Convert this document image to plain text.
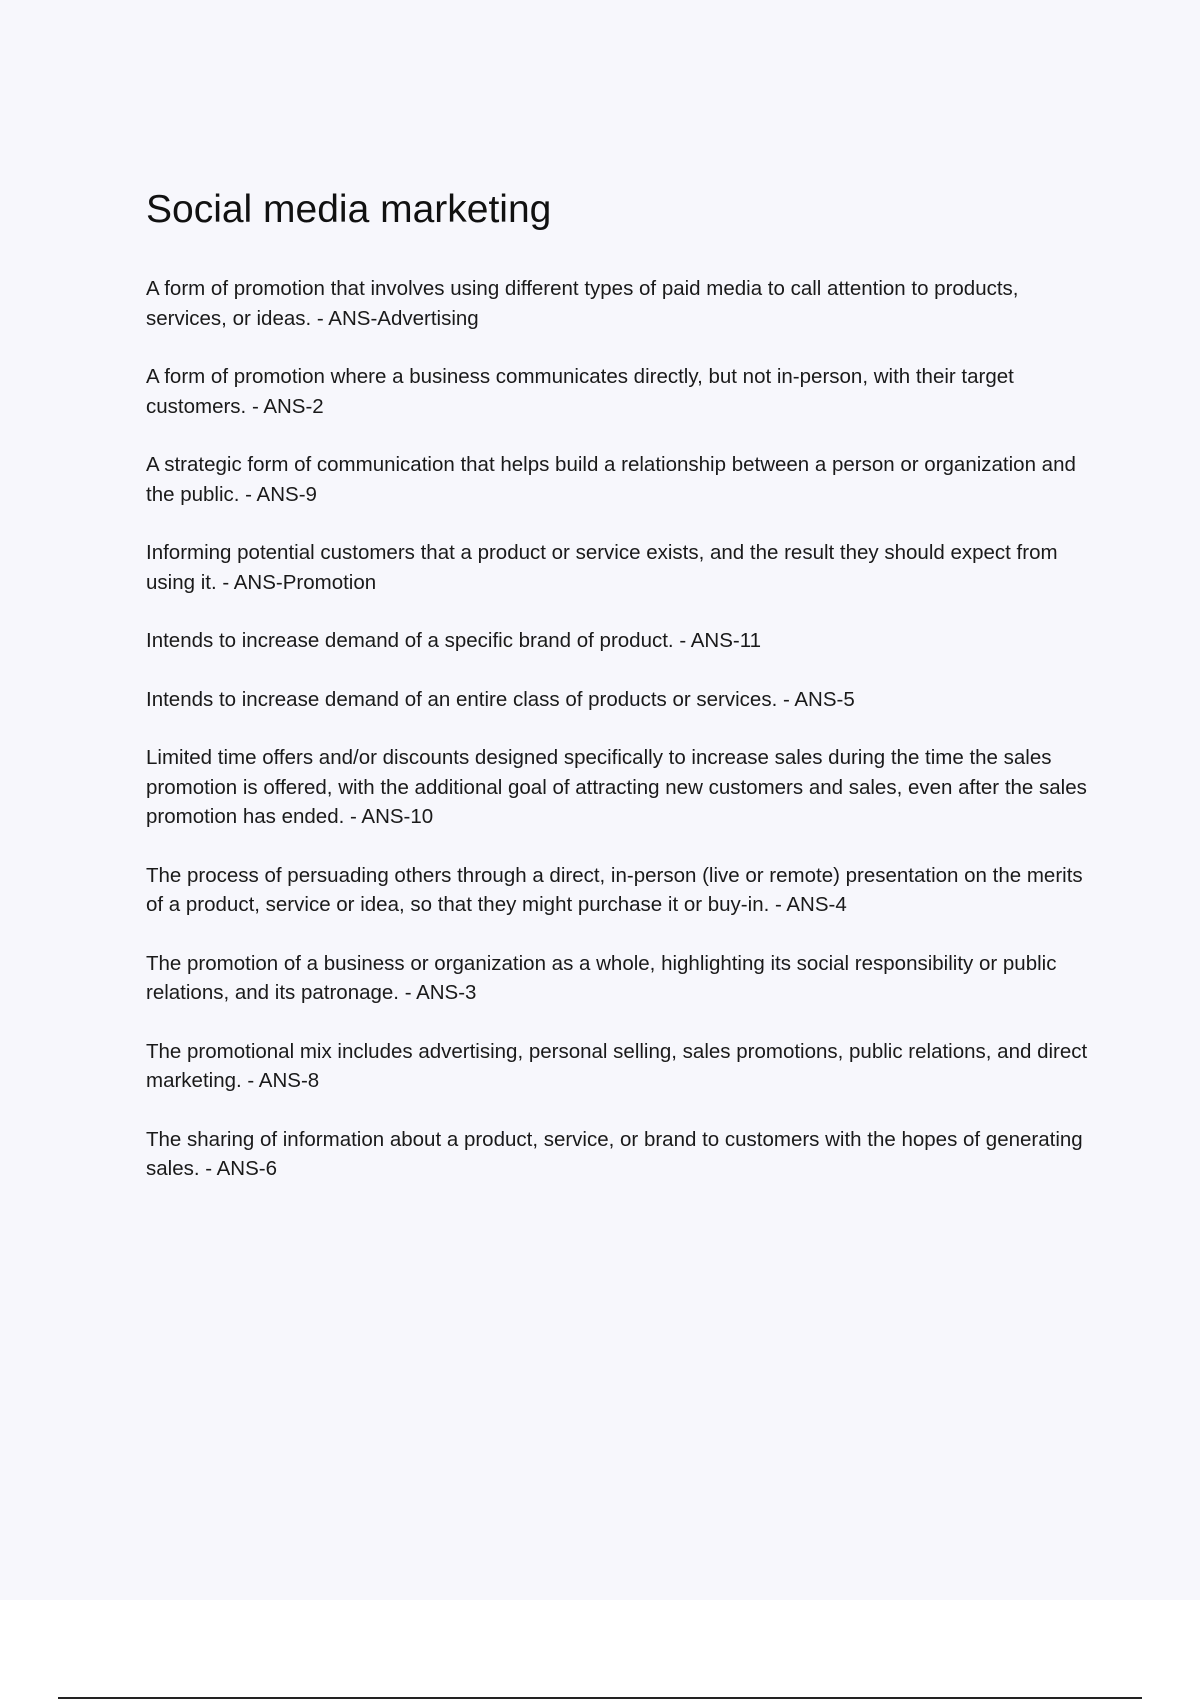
Social media marketing
A form of promotion that involves using different types of paid media to call attention to products, services, or ideas. - ANS-Advertising
A form of promotion where a business communicates directly, but not in-person, with their target customers. - ANS-2
A strategic form of communication that helps build a relationship between a person or organization and the public. - ANS-9
Informing potential customers that a product or service exists, and the result they should expect from using it. - ANS-Promotion
Intends to increase demand of a specific brand of product. - ANS-11
Intends to increase demand of an entire class of products or services. - ANS-5
Limited time offers and/or discounts designed specifically to increase sales during the time the sales promotion is offered, with the additional goal of attracting new customers and sales, even after the sales promotion has ended. - ANS-10
The process of persuading others through a direct, in-person (live or remote) presentation on the merits of a product, service or idea, so that they might purchase it or buy-in. - ANS-4
The promotion of a business or organization as a whole, highlighting its social responsibility or public relations, and its patronage. - ANS-3
The promotional mix includes advertising, personal selling, sales promotions, public relations, and direct marketing. - ANS-8
The sharing of information about a product, service, or brand to customers with the hopes of generating sales. - ANS-6
